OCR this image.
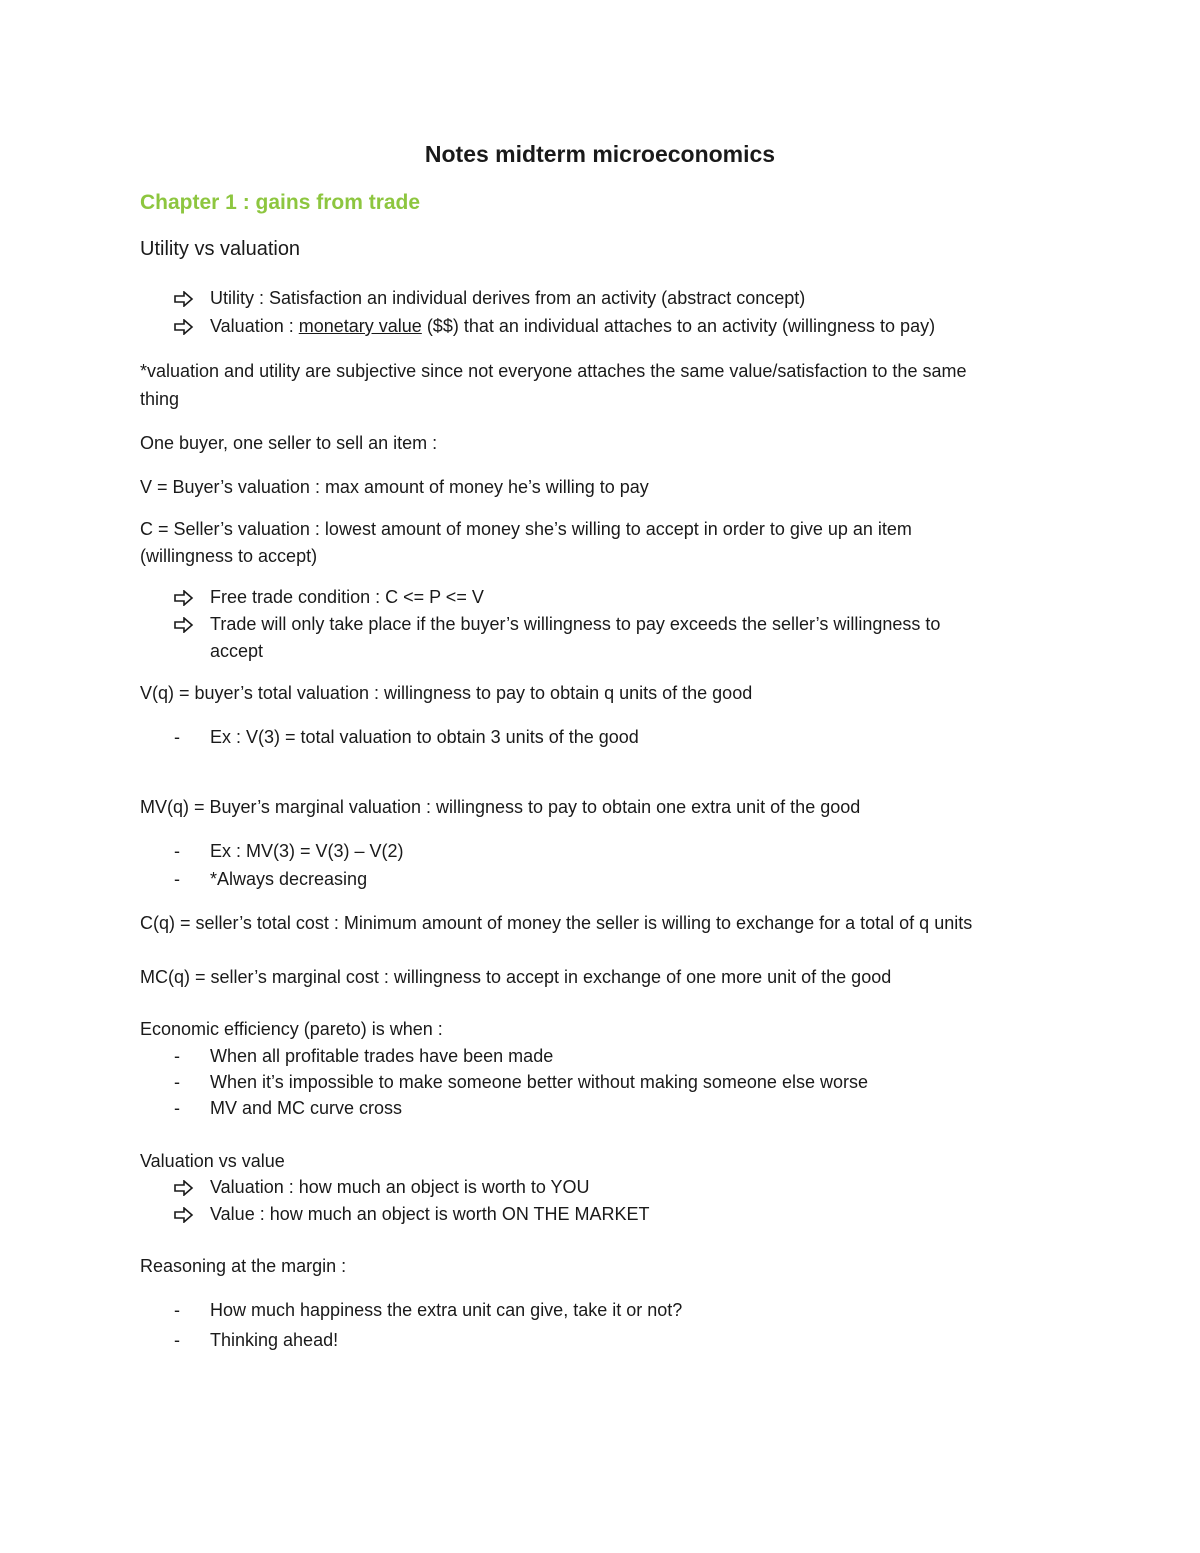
Notes midterm microeconomics
Chapter 1 : gains from trade
Utility vs valuation
Utility : Satisfaction an individual derives from an activity (abstract concept)
Valuation : monetary value ($$) that an individual attaches to an activity (willingness to pay)
*valuation and utility are subjective since not everyone attaches the same value/satisfaction to the same
thing
One buyer, one seller to sell an item :
V = Buyer’s valuation : max amount of money he’s willing to pay
C = Seller’s valuation : lowest amount of money she’s willing to accept in order to give up an item
(willingness to accept)
Free trade condition : C <= P <= V
Trade will only take place if the buyer’s willingness to pay exceeds the seller’s willingness to
accept
V(q) = buyer’s total valuation : willingness to pay to obtain q units of the good
-	Ex : V(3) = total valuation to obtain 3 units of the good
MV(q) = Buyer’s marginal valuation : willingness to pay to obtain one extra unit of the good
-	Ex : MV(3) = V(3) – V(2)
-	*Always decreasing
C(q) = seller’s total cost : Minimum amount of money the seller is willing to exchange for a total of q units
MC(q) = seller’s marginal cost : willingness to accept in exchange of one more unit of the good
Economic efficiency (pareto) is when :
-	When all profitable trades have been made
-	When it’s impossible to make someone better without making someone else worse
-	MV and MC curve cross
Valuation vs value
Valuation : how much an object is worth to YOU
Value : how much an object is worth ON THE MARKET
Reasoning at the margin :
-	How much happiness the extra unit can give, take it or not?
-	Thinking ahead!
